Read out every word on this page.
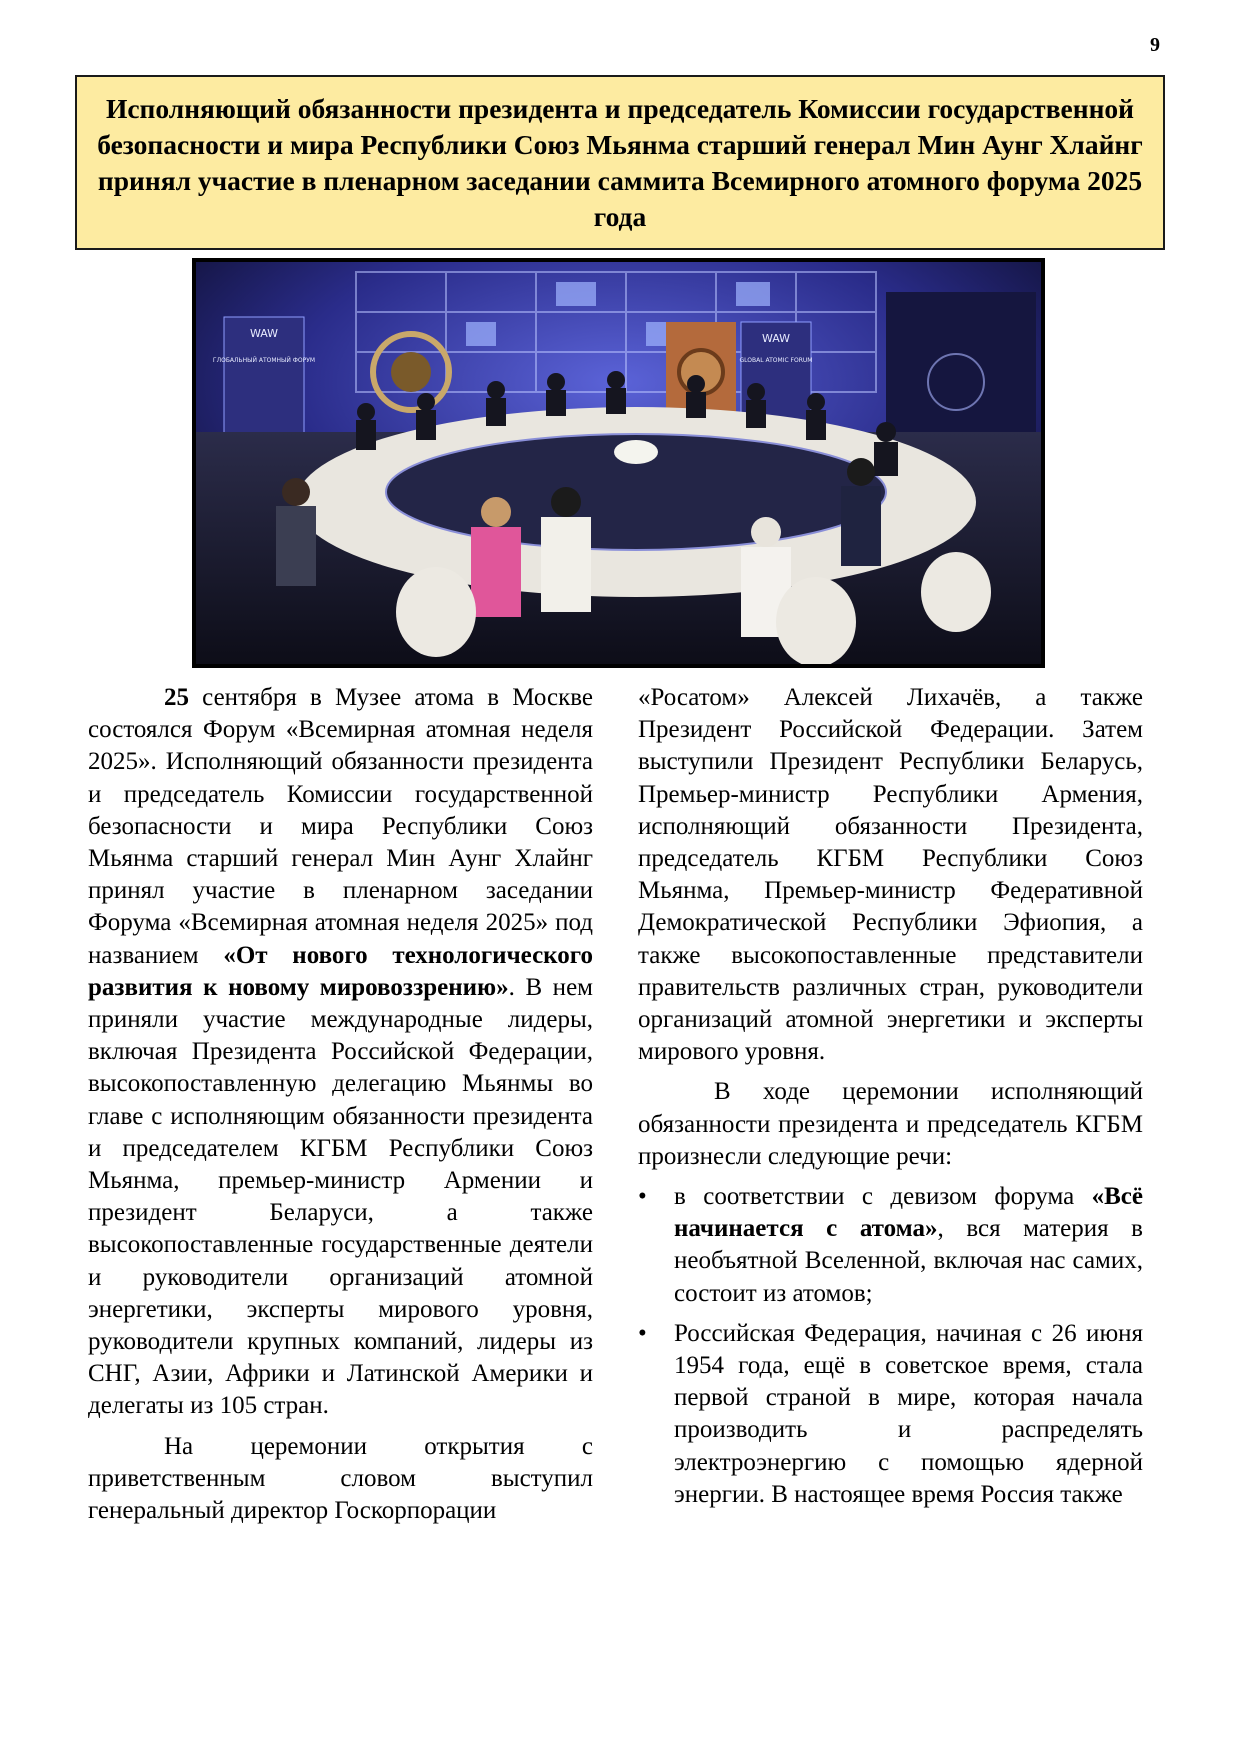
9
Исполняющий обязанности президента и председатель Комиссии государственной безопасности и мира Республики Союз Мьянма старший генерал Мин Аунг Хлайнг принял участие в пленарном заседании саммита Всемирного атомного форума 2025 года
WAW
ГЛОБАЛЬНЫЙ АТОМНЫЙ ФОРУМ
WAW
GLOBAL ATOMIC FORUM

25 сентября в Музее атома в Москве состоялся Форум «Всемирная атомная неделя 2025». Исполняющий обязанности президента и председатель Комиссии государственной безопасности и мира Республики Союз Мьянма старший генерал Мин Аунг Хлайнг принял участие в пленарном заседании Форума «Всемирная атомная неделя 2025» под названием «От нового технологического развития к новому мировоззрению». В нем приняли участие международные лидеры, включая Президента Российской Федерации, высокопоставленную делегацию Мьянмы во главе с исполняющим обязанности президента и председателем КГБМ Республики Союз Мьянма, премьер-министр Армении и президент Беларуси, а также высокопоставленные государственные деятели и руководители организаций атомной энергетики, эксперты мирового уровня, руководители крупных компаний, лидеры из СНГ, Азии, Африки и Латинской Америки и делегаты из 105 стран.

На церемонии открытия с приветственным словом выступил генеральный директор Госкорпорации

«Росатом» Алексей Лихачёв, а также Президент Российской Федерации. Затем выступили Президент Республики Беларусь, Премьер-министр Республики Армения, исполняющий обязанности Президента, председатель КГБМ Республики Союз Мьянма, Премьер-министр Федеративной Демократической Республики Эфиопия, а также высокопоставленные представители правительств различных стран, руководители организаций атомной энергетики и эксперты мирового уровня.

В ходе церемонии исполняющий обязанности президента и председатель КГБМ произнесли следующие речи:

• в соответствии с девизом форума «Всё начинается с атома», вся материя в необъятной Вселенной, включая нас самих, состоит из атомов;
• Российская Федерация, начиная с 26 июня 1954 года, ещё в советское время, стала первой страной в мире, которая начала производить и распределять электроэнергию с помощью ядерной энергии. В настоящее время Россия также
